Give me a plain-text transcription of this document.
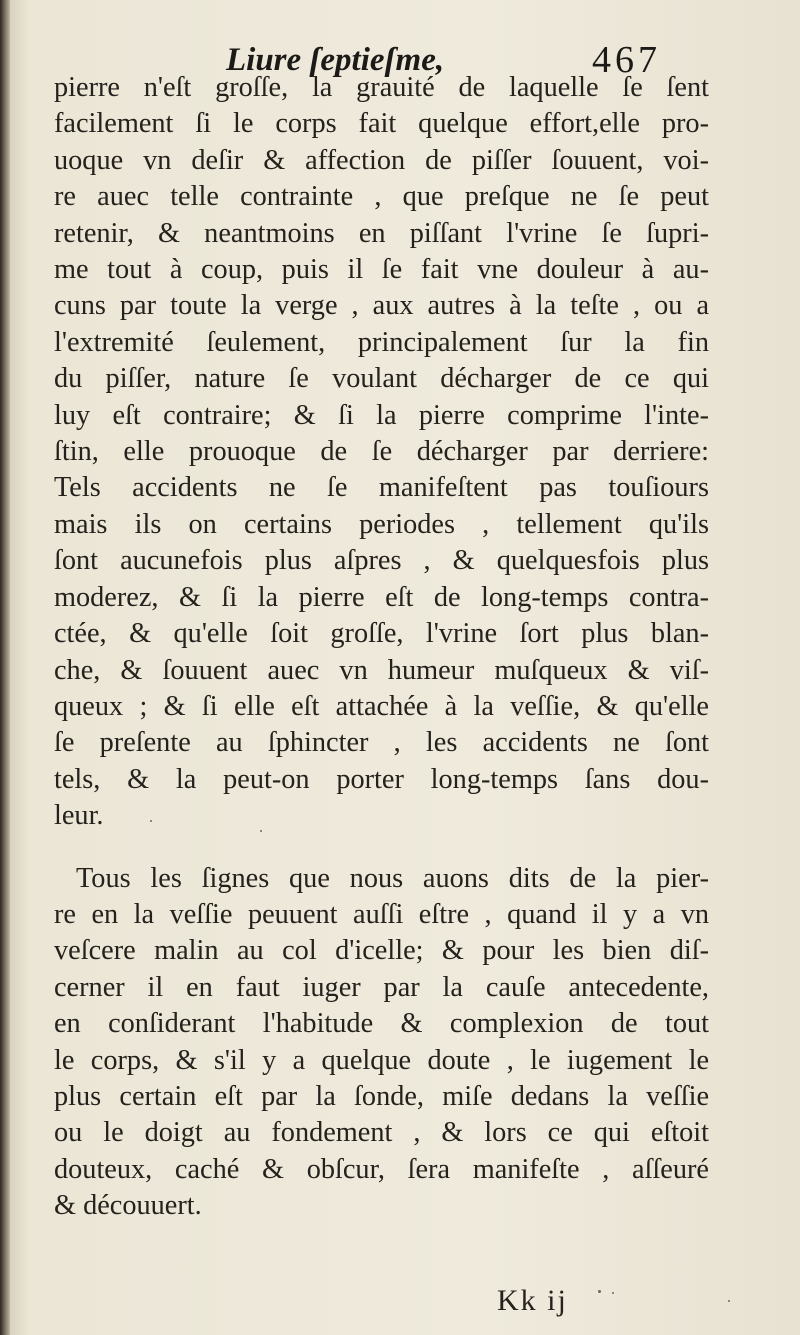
Liure ſeptieſme,	467
pierre n'eſt groſſe, la grauité de laquelle ſe ſent
facilement ſi le corps fait quelque effort,elle pro-
uoque vn deſir & affection de piſſer ſouuent, voi-
re auec telle contrainte , que preſque ne ſe peut
retenir, & neantmoins en piſſant l'vrine ſe ſupri-
me tout à coup, puis il ſe fait vne douleur à au-
cuns par toute la verge , aux autres à la teſte , ou a
l'extremité ſeulement, principalement ſur la fin
du piſſer, nature ſe voulant décharger de ce qui
luy eſt contraire; & ſi la pierre comprime l'inte-
ſtin, elle prouoque de ſe décharger par derriere:
Tels accidents ne ſe manifeſtent pas touſiours
mais ils on certains periodes , tellement qu'ils
ſont aucunefois plus aſpres , & quelquesfois plus
moderez, & ſi la pierre eſt de long-temps contra-
ctée, & qu'elle ſoit groſſe, l'vrine ſort plus blan-
che, & ſouuent auec vn humeur muſqueux & viſ-
queux ; & ſi elle eſt attachée à la veſſie, & qu'elle
ſe preſente au ſphincter , les accidents ne ſont
tels, & la peut-on porter long-temps ſans dou-
leur.
Tous les ſignes que nous auons dits de la pier-
re en la veſſie peuuent auſſi eſtre , quand il y a vn
veſcere malin au col d'icelle; & pour les bien diſ-
cerner il en faut iuger par la cauſe antecedente,
en conſiderant l'habitude & complexion de tout
le corps, & s'il y a quelque doute , le iugement le
plus certain eſt par la ſonde, miſe dedans la veſſie
ou le doigt au fondement , & lors ce qui eſtoit
douteux, caché & obſcur, ſera manifeſte , aſſeuré
& découuert.
Kk ij
